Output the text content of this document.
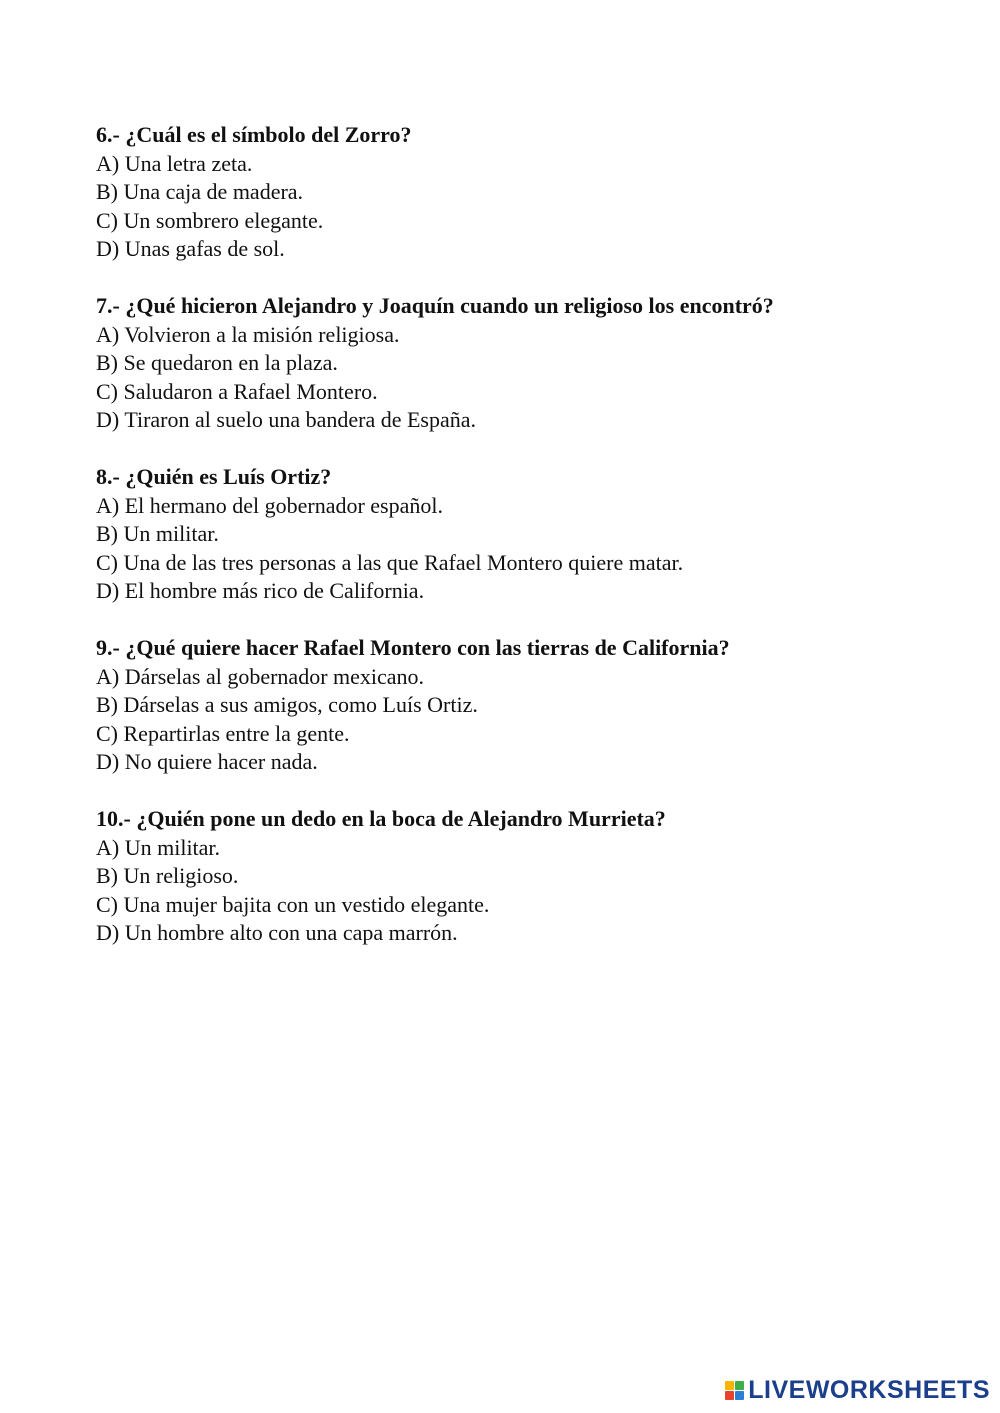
6.- ¿Cuál es el símbolo del Zorro?

A) Una letra zeta.
B) Una caja de madera.
C) Un sombrero elegante.
D) Unas gafas de sol.

7.- ¿Qué hicieron Alejandro y Joaquín cuando un religioso los encontró?

A) Volvieron a la misión religiosa.
B) Se quedaron en la plaza.
C) Saludaron a Rafael Montero.
D) Tiraron al suelo una bandera de España.

8.- ¿Quién es Luís Ortiz?

A) El hermano del gobernador español.
B) Un militar.
C) Una de las tres personas a las que Rafael Montero quiere matar.
D) El hombre más rico de California.

9.- ¿Qué quiere hacer Rafael Montero con las tierras de California?

A) Dárselas al gobernador mexicano.
B) Dárselas a sus amigos, como Luís Ortiz.
C) Repartirlas entre la gente.
D) No quiere hacer nada.

10.- ¿Quién pone un dedo en la boca de Alejandro Murrieta?

A) Un militar.
B) Un religioso.
C) Una mujer bajita con un vestido elegante.
D) Un hombre alto con una capa marrón.
LIVEWORKSHEETS
